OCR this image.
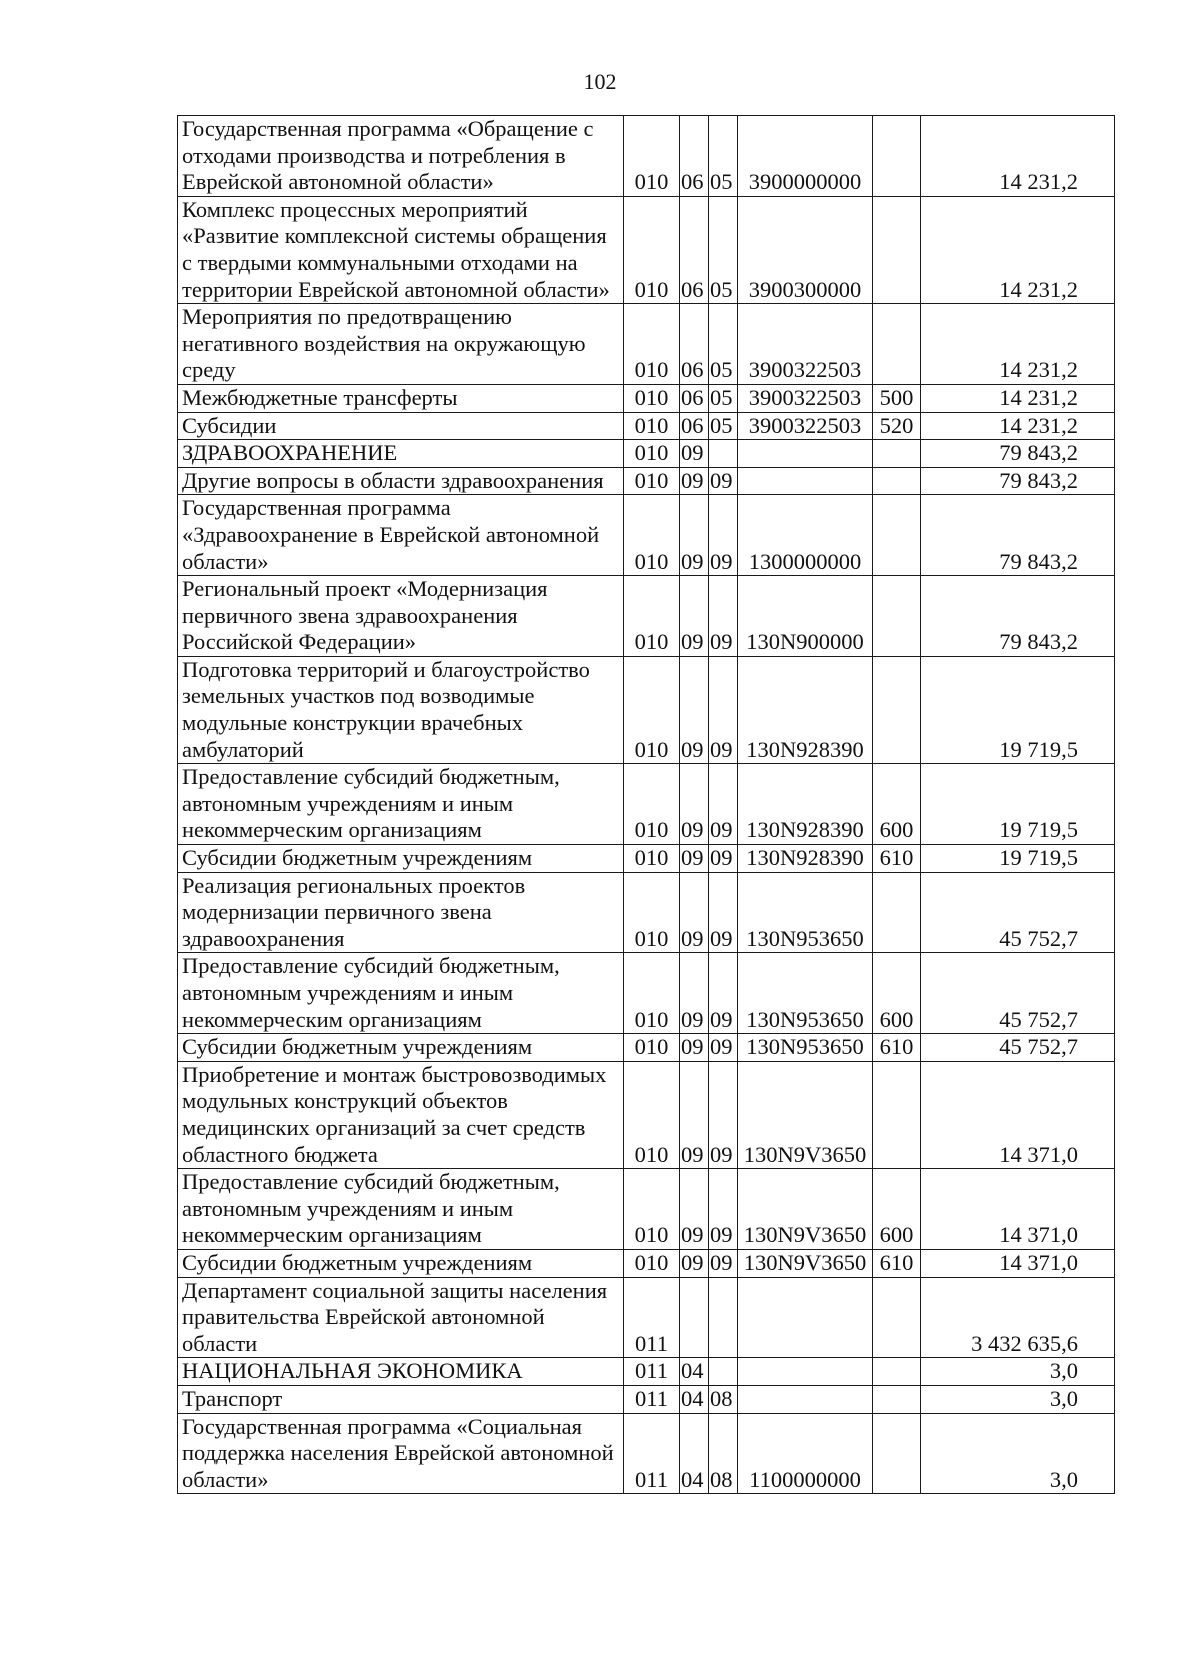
102
Государственная программа «Обращение с отходами производства и потребления в Еврейской автономной области»	010	06	05	3900000000		14 231,2
Комплекс процессных мероприятий «Развитие комплексной системы обращения с твердыми коммунальными отходами на территории Еврейской автономной области»	010	06	05	3900300000		14 231,2
Мероприятия по предотвращению негативного воздействия на окружающую среду	010	06	05	3900322503		14 231,2
Межбюджетные трансферты	010	06	05	3900322503	500	14 231,2
Субсидии	010	06	05	3900322503	520	14 231,2
ЗДРАВООХРАНЕНИЕ	010	09				79 843,2
Другие вопросы в области здравоохранения	010	09	09			79 843,2
Государственная программа «Здравоохранение в Еврейской автономной области»	010	09	09	1300000000		79 843,2
Региональный проект «Модернизация первичного звена здравоохранения Российской Федерации»	010	09	09	130N900000		79 843,2
Подготовка территорий и благоустройство земельных участков под возводимые модульные конструкции врачебных амбулаторий	010	09	09	130N928390		19 719,5
Предоставление субсидий бюджетным, автономным учреждениям и иным некоммерческим организациям	010	09	09	130N928390	600	19 719,5
Субсидии бюджетным учреждениям	010	09	09	130N928390	610	19 719,5
Реализация региональных проектов модернизации первичного звена здравоохранения	010	09	09	130N953650		45 752,7
Предоставление субсидий бюджетным, автономным учреждениям и иным некоммерческим организациям	010	09	09	130N953650	600	45 752,7
Субсидии бюджетным учреждениям	010	09	09	130N953650	610	45 752,7
Приобретение и монтаж быстровозводимых модульных конструкций объектов медицинских организаций за счет средств областного бюджета	010	09	09	130N9V3650		14 371,0
Предоставление субсидий бюджетным, автономным учреждениям и иным некоммерческим организациям	010	09	09	130N9V3650	600	14 371,0
Субсидии бюджетным учреждениям	010	09	09	130N9V3650	610	14 371,0
Департамент социальной защиты населения правительства Еврейской автономной области	011					3 432 635,6
НАЦИОНАЛЬНАЯ ЭКОНОМИКА	011	04				3,0
Транспорт	011	04	08			3,0
Государственная программа «Социальная поддержка населения Еврейской автономной области»	011	04	08	1100000000		3,0
